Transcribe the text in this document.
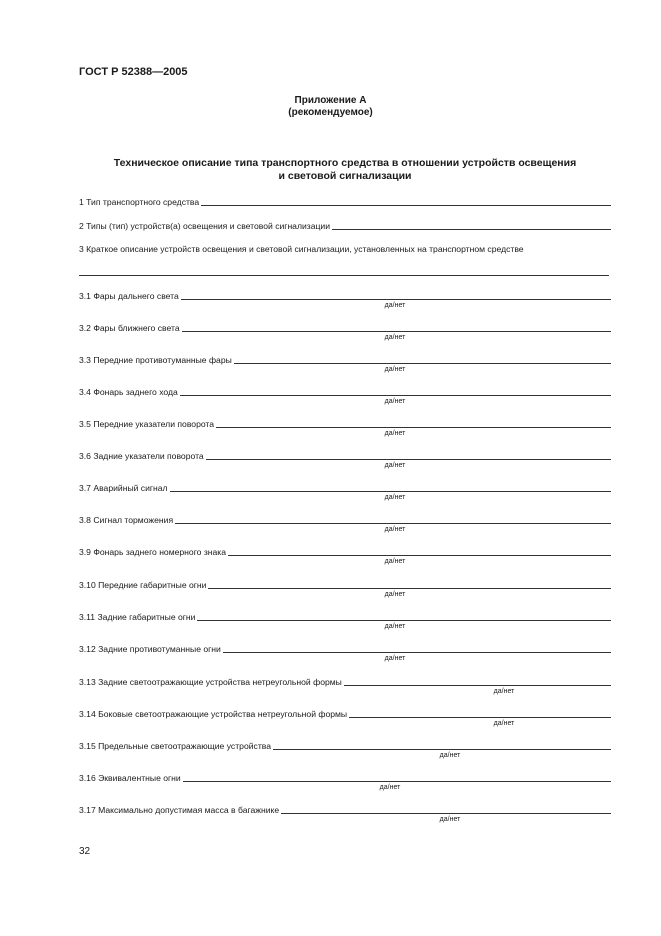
ГОСТ Р 52388—2005
Приложение А
(рекомендуемое)
Техническое описание типа транспортного средства в отношении устройств освещения
и световой сигнализации
1 Тип транспортного средства
2 Типы (тип) устройств(а) освещения и световой сигнализации
3 Краткое описание устройств освещения и световой сигнализации, установленных на транспортном средстве
3.1 Фары дальнего света
да/нет
3.2 Фары ближнего света
да/нет
3.3 Передние противотуманные фары
да/нет
3.4 Фонарь заднего хода
да/нет
3.5 Передние указатели поворота
да/нет
3.6 Задние указатели поворота
да/нет
3.7 Аварийный сигнал
да/нет
3.8 Сигнал торможения
да/нет
3.9 Фонарь заднего номерного знака
да/нет
3.10 Передние габаритные огни
да/нет
3.11 Задние габаритные огни
да/нет
3.12 Задние противотуманные огни
да/нет
3.13 Задние светоотражающие устройства нетреугольной формы
да/нет
3.14 Боковые светоотражающие устройства нетреугольной формы
да/нет
3.15 Предельные светоотражающие устройства
да/нет
3.16 Эквивалентные огни
да/нет
3.17 Максимально допустимая масса в багажнике
да/нет
32
